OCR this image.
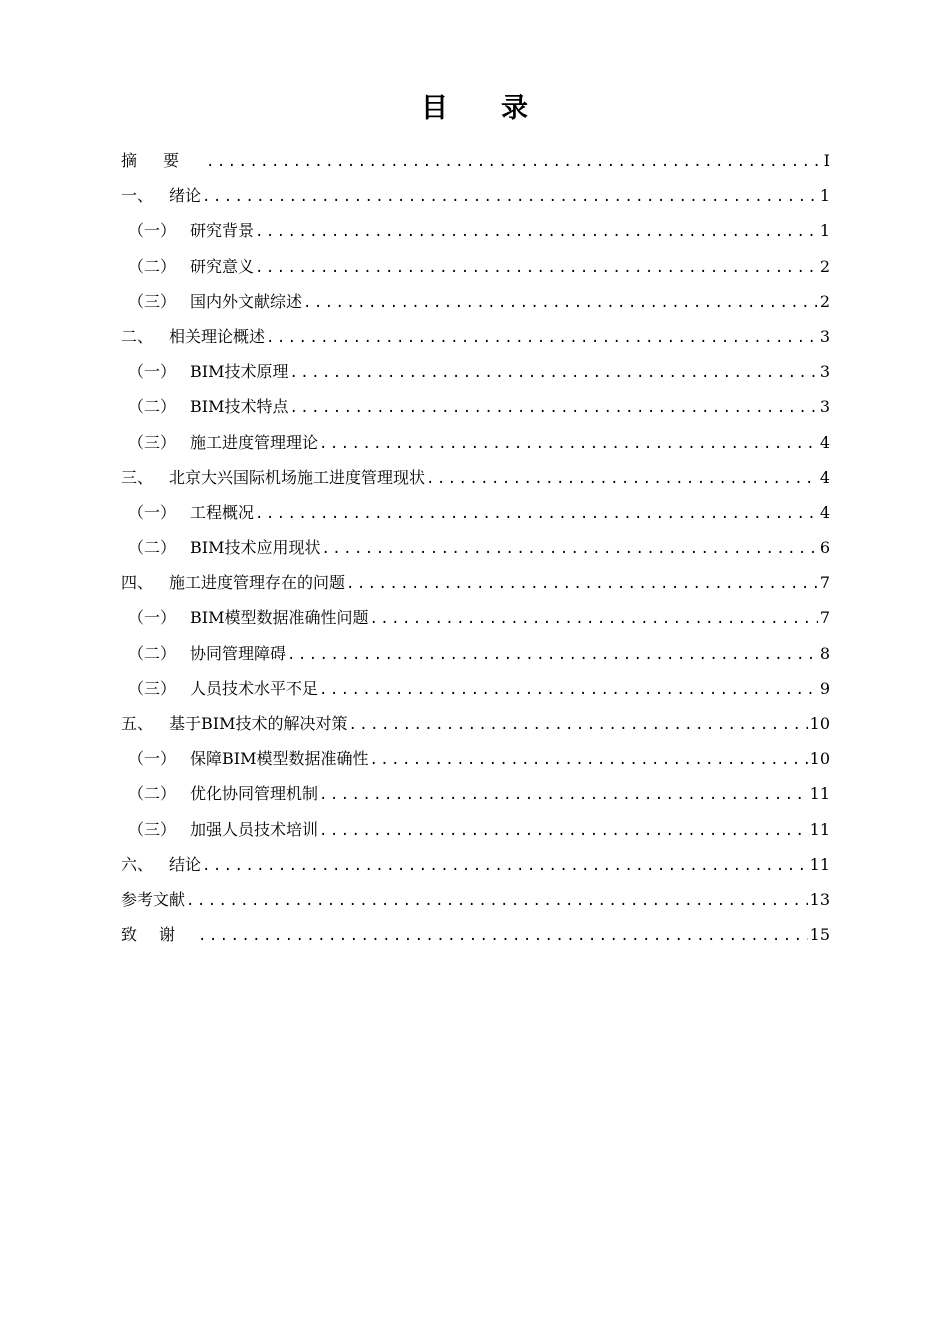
目 录
摘要 .....	I
一、 绪论 .....	1
（一） 研究背景 .....	1
（二） 研究意义 .....	2
（三） 国内外文献综述 .....	2
二、 相关理论概述 .....	3
（一） BIM技术原理 .....	3
（二） BIM技术特点 .....	3
（三） 施工进度管理理论 .....	4
三、 北京大兴国际机场施工进度管理现状 .....	4
（一） 工程概况 .....	4
（二） BIM技术应用现状 .....	6
四、 施工进度管理存在的问题 .....	7
（一） BIM模型数据准确性问题 .....	7
（二） 协同管理障碍 .....	8
（三） 人员技术水平不足 .....	9
五、 基于BIM技术的解决对策 .....	10
（一） 保障BIM模型数据准确性 .....	10
（二） 优化协同管理机制 .....	11
（三） 加强人员技术培训 .....	11
六、 结论 .....	11
参考文献 .....	13
致谢 .....	15
